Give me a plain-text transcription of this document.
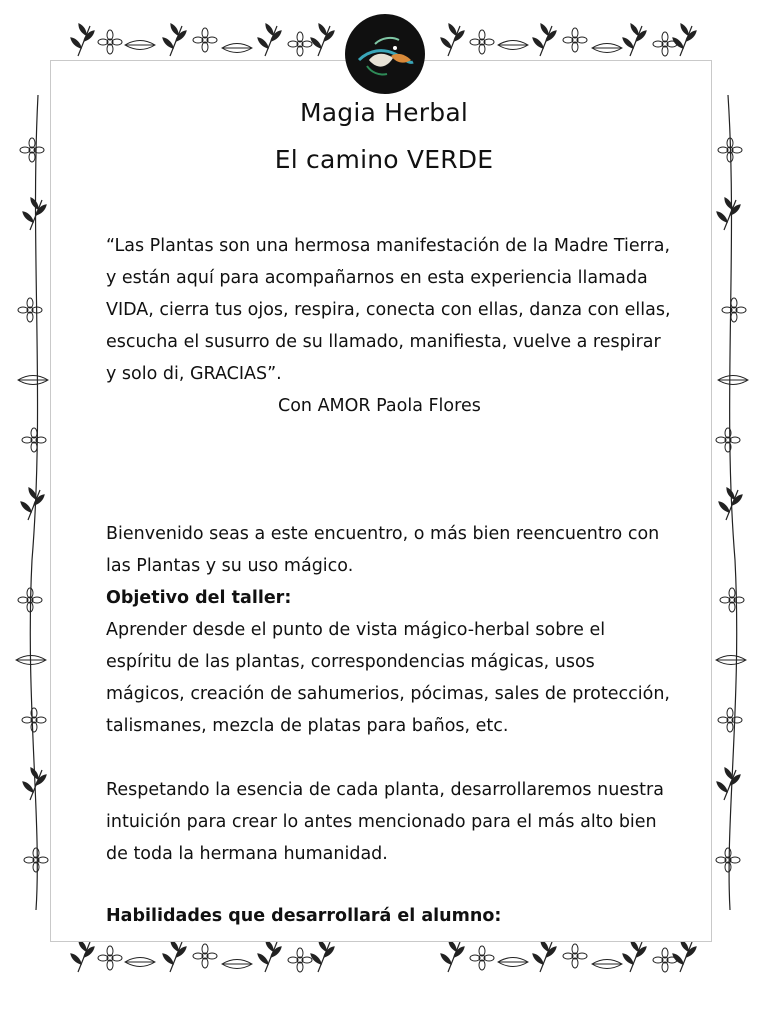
Magia Herbal
El camino VERDE
“Las Plantas son una hermosa manifestación de la Madre Tierra, y están aquí para acompañarnos en esta experiencia llamada VIDA, cierra tus ojos, respira, conecta con ellas, danza con ellas, escucha el susurro de su llamado, manifiesta, vuelve a respirar y solo di, GRACIAS”.
Con AMOR Paola Flores
Bienvenido seas a este encuentro, o más bien reencuentro con las Plantas y su uso mágico.
Objetivo del taller:
Aprender desde el punto de vista mágico-herbal sobre el espíritu de las plantas, correspondencias mágicas, usos mágicos, creación de sahumerios, pócimas, sales de protección, talismanes, mezcla de platas para baños, etc.
Respetando la esencia de cada planta, desarrollaremos nuestra intuición para crear lo antes mencionado para el más alto bien de toda la hermana humanidad.
Habilidades que desarrollará el alumno:
